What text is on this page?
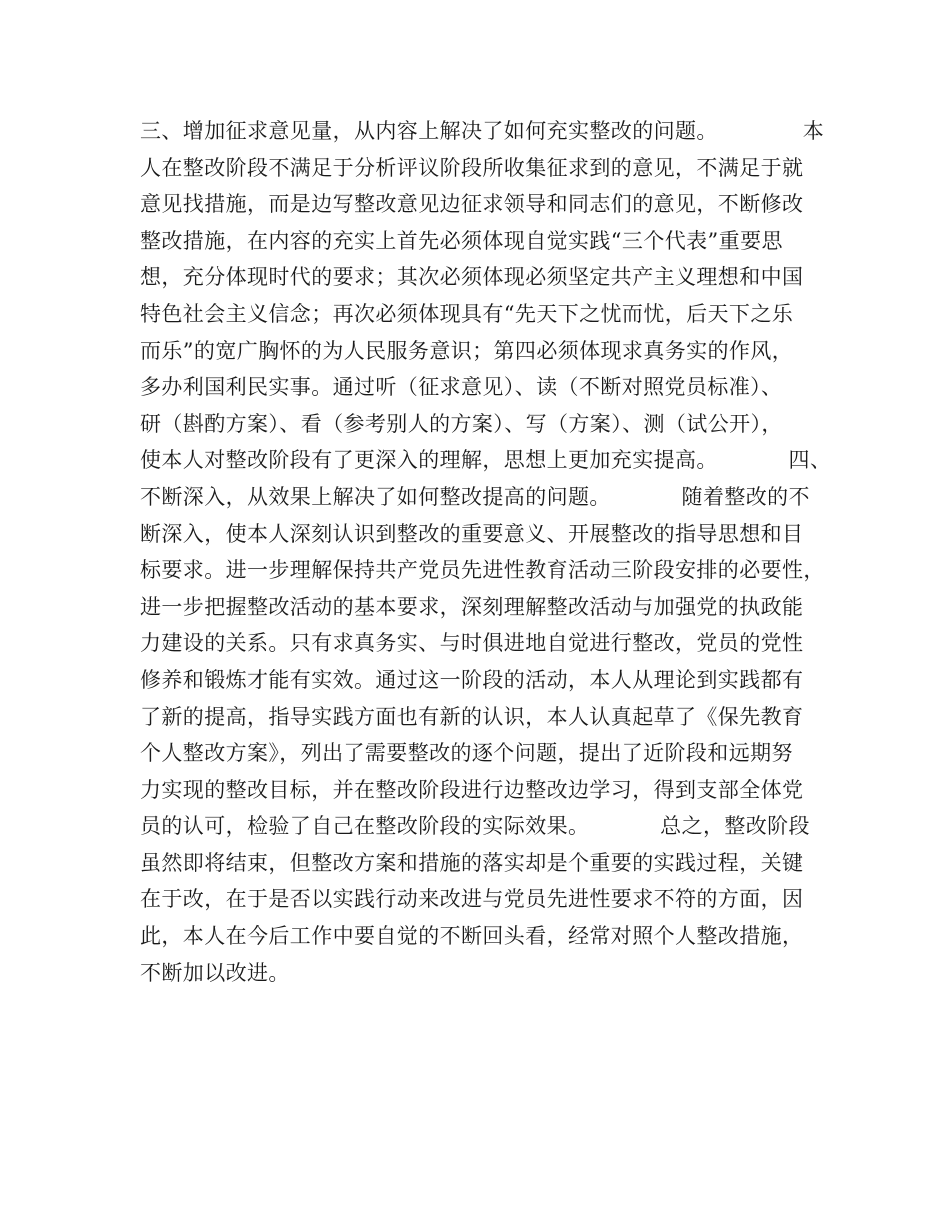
三、增加征求意见量，从内容上解决了如何充实整改的问题。            本
人在整改阶段不满足于分析评议阶段所收集征求到的意见，不满足于就
意见找措施，而是边写整改意见边征求领导和同志们的意见，不断修改
整改措施，在内容的充实上首先必须体现自觉实践“三个代表”重要思
想，充分体现时代的要求；其次必须体现必须坚定共产主义理想和中国
特色社会主义信念；再次必须体现具有“先天下之忧而忧，后天下之乐
而乐”的宽广胸怀的为人民服务意识；第四必须体现求真务实的作风，
多办利国利民实事。通过听（征求意见）、读（不断对照党员标准）、
研（斟酌方案）、看（参考别人的方案）、写（方案）、测（试公开），
使本人对整改阶段有了更深入的理解，思想上更加充实提高。          四、
不断深入，从效果上解决了如何整改提高的问题。          随着整改的不
断深入，使本人深刻认识到整改的重要意义、开展整改的指导思想和目
标要求。进一步理解保持共产党员先进性教育活动三阶段安排的必要性，
进一步把握整改活动的基本要求，深刻理解整改活动与加强党的执政能
力建设的关系。只有求真务实、与时俱进地自觉进行整改，党员的党性
修养和锻炼才能有实效。通过这一阶段的活动，本人从理论到实践都有
了新的提高，指导实践方面也有新的认识，本人认真起草了《保先教育
个人整改方案》，列出了需要整改的逐个问题，提出了近阶段和远期努
力实现的整改目标，并在整改阶段进行边整改边学习，得到支部全体党
员的认可，检验了自己在整改阶段的实际效果。          总之，整改阶段
虽然即将结束，但整改方案和措施的落实却是个重要的实践过程，关键
在于改，在于是否以实践行动来改进与党员先进性要求不符的方面，因
此，本人在今后工作中要自觉的不断回头看，经常对照个人整改措施，
不断加以改进。
